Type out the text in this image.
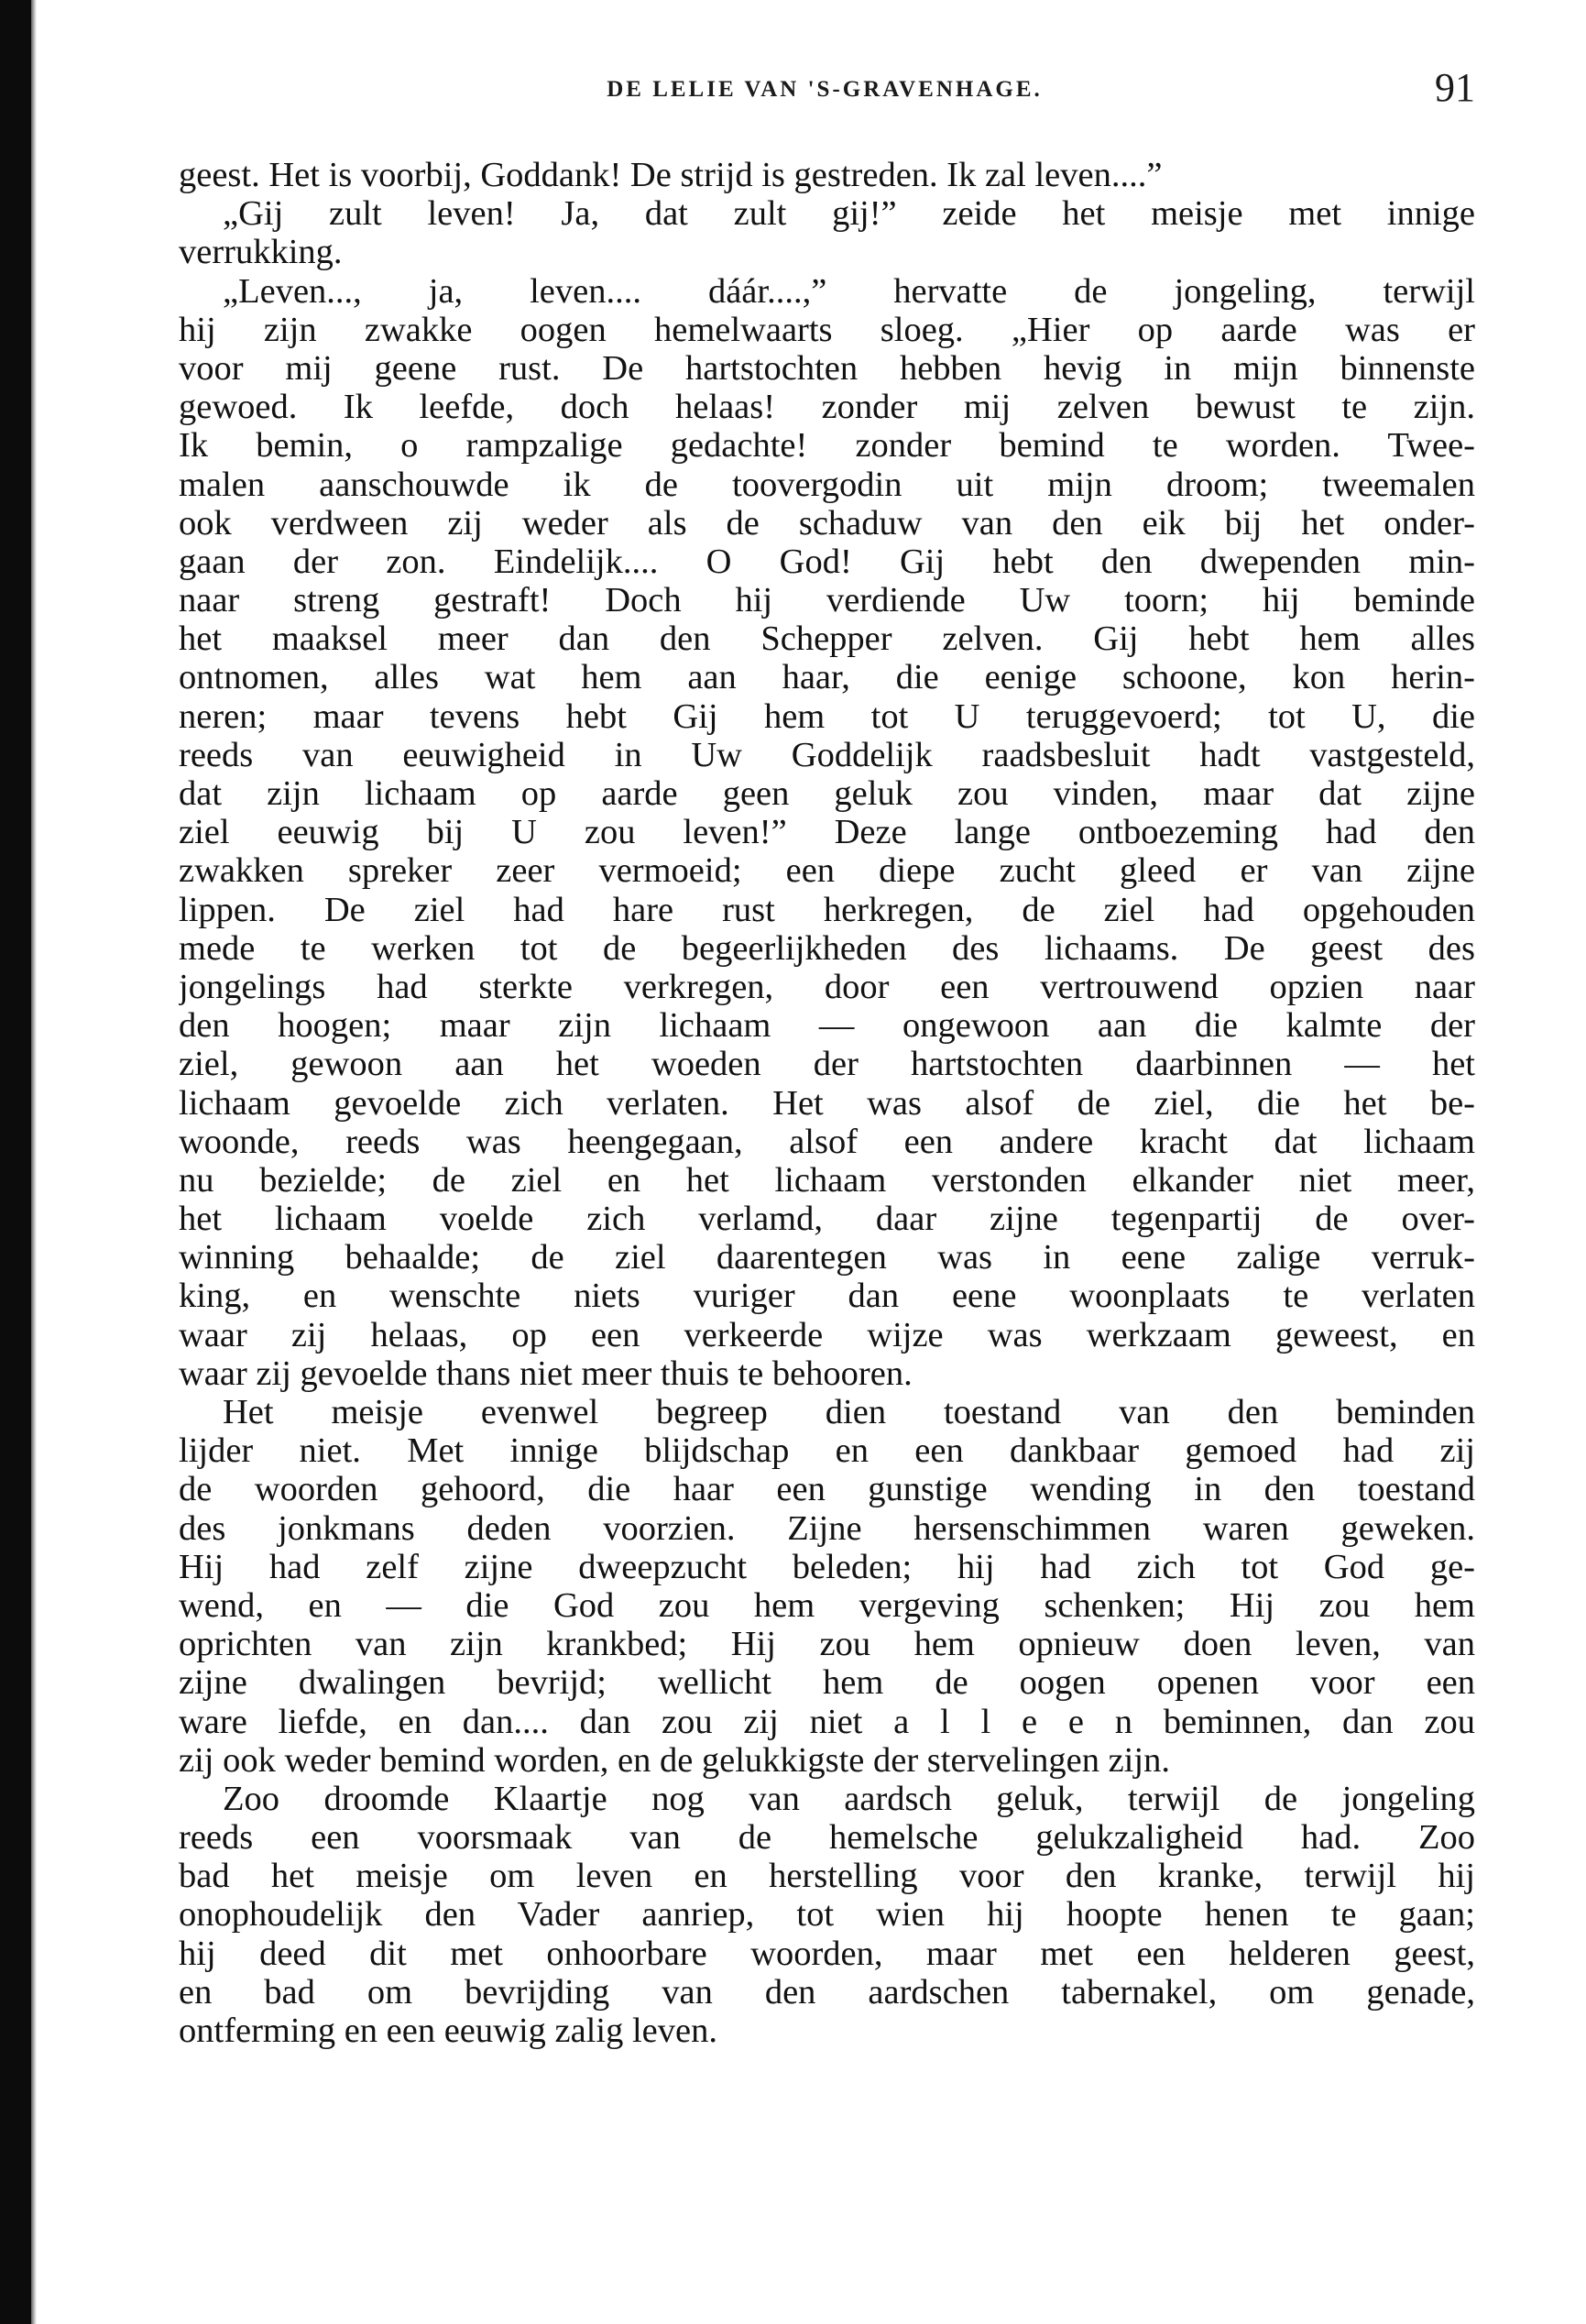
DE LELIE VAN 'S-GRAVENHAGE.	91
geest. Het is voorbij, Goddank! De strijd is gestreden. Ik zal leven....”
„Gij zult leven! Ja, dat zult gij!” zeide het meisje met innige
verrukking.
„Leven..., ja, leven.... dáár....,” hervatte de jongeling, terwijl
hij zijn zwakke oogen hemelwaarts sloeg. „Hier op aarde was er
voor mij geene rust. De hartstochten hebben hevig in mijn binnenste
gewoed. Ik leefde, doch helaas! zonder mij zelven bewust te zijn.
Ik bemin, o rampzalige gedachte! zonder bemind te worden. Twee-
malen aanschouwde ik de toovergodin uit mijn droom; tweemalen
ook verdween zij weder als de schaduw van den eik bij het onder-
gaan der zon. Eindelijk.... O God! Gij hebt den dwependen min-
naar streng gestraft! Doch hij verdiende Uw toorn; hij beminde
het maaksel meer dan den Schepper zelven. Gij hebt hem alles
ontnomen, alles wat hem aan haar, die eenige schoone, kon herin-
neren; maar tevens hebt Gij hem tot U teruggevoerd; tot U, die
reeds van eeuwigheid in Uw Goddelijk raadsbesluit hadt vastgesteld,
dat zijn lichaam op aarde geen geluk zou vinden, maar dat zijne
ziel eeuwig bij U zou leven!” Deze lange ontboezeming had den
zwakken spreker zeer vermoeid; een diepe zucht gleed er van zijne
lippen. De ziel had hare rust herkregen, de ziel had opgehouden
mede te werken tot de begeerlijkheden des lichaams. De geest des
jongelings had sterkte verkregen, door een vertrouwend opzien naar
den hoogen; maar zijn lichaam — ongewoon aan die kalmte der
ziel, gewoon aan het woeden der hartstochten daarbinnen — het
lichaam gevoelde zich verlaten. Het was alsof de ziel, die het be-
woonde, reeds was heengegaan, alsof een andere kracht dat lichaam
nu bezielde; de ziel en het lichaam verstonden elkander niet meer,
het lichaam voelde zich verlamd, daar zijne tegenpartij de over-
winning behaalde; de ziel daarentegen was in eene zalige verruk-
king, en wenschte niets vuriger dan eene woonplaats te verlaten
waar zij helaas, op een verkeerde wijze was werkzaam geweest, en
waar zij gevoelde thans niet meer thuis te behooren.
Het meisje evenwel begreep dien toestand van den beminden
lijder niet. Met innige blijdschap en een dankbaar gemoed had zij
de woorden gehoord, die haar een gunstige wending in den toestand
des jonkmans deden voorzien. Zijne hersenschimmen waren geweken.
Hij had zelf zijne dweepzucht beleden; hij had zich tot God ge-
wend, en — die God zou hem vergeving schenken; Hij zou hem
oprichten van zijn krankbed; Hij zou hem opnieuw doen leven, van
zijne dwalingen bevrijd; wellicht hem de oogen openen voor een
ware liefde, en dan.... dan zou zij niet a l l e e n beminnen, dan zou
zij ook weder bemind worden, en de gelukkigste der stervelingen zijn.
Zoo droomde Klaartje nog van aardsch geluk, terwijl de jongeling
reeds een voorsmaak van de hemelsche gelukzaligheid had. Zoo
bad het meisje om leven en herstelling voor den kranke, terwijl hij
onophoudelijk den Vader aanriep, tot wien hij hoopte henen te gaan;
hij deed dit met onhoorbare woorden, maar met een helderen geest,
en bad om bevrijding van den aardschen tabernakel, om genade,
ontferming en een eeuwig zalig leven.
